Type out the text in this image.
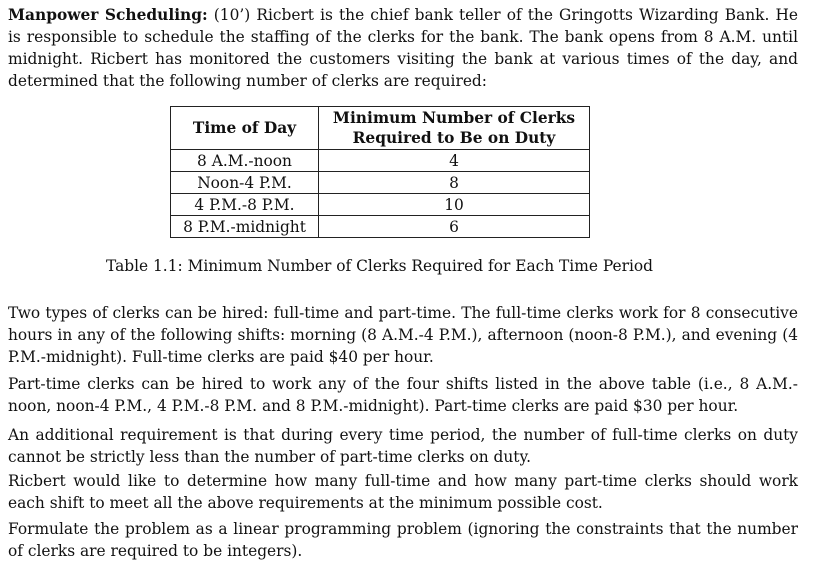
Manpower Scheduling: (10’) Ricbert is the chief bank teller of the Gringotts Wizarding Bank. He is responsible to schedule the staffing of the clerks for the bank. The bank opens from 8 A.M. until midnight. Ricbert has monitored the customers visiting the bank at various times of the day, and determined that the following number of clerks are required:

Time of Day	Minimum Number of Clerks Required to Be on Duty
8 A.M.-noon	4
Noon-4 P.M.	8
4 P.M.-8 P.M.	10
8 P.M.-midnight	6

Table 1.1: Minimum Number of Clerks Required for Each Time Period

Two types of clerks can be hired: full-time and part-time. The full-time clerks work for 8 consecutive hours in any of the following shifts: morning (8 A.M.-4 P.M.), afternoon (noon-8 P.M.), and evening (4 P.M.-midnight). Full-time clerks are paid $40 per hour.

Part-time clerks can be hired to work any of the four shifts listed in the above table (i.e., 8 A.M.-noon, noon-4 P.M., 4 P.M.-8 P.M. and 8 P.M.-midnight). Part-time clerks are paid $30 per hour.

An additional requirement is that during every time period, the number of full-time clerks on duty cannot be strictly less than the number of part-time clerks on duty.

Ricbert would like to determine how many full-time and how many part-time clerks should work each shift to meet all the above requirements at the minimum possible cost.

Formulate the problem as a linear programming problem (ignoring the constraints that the number of clerks are required to be integers).
